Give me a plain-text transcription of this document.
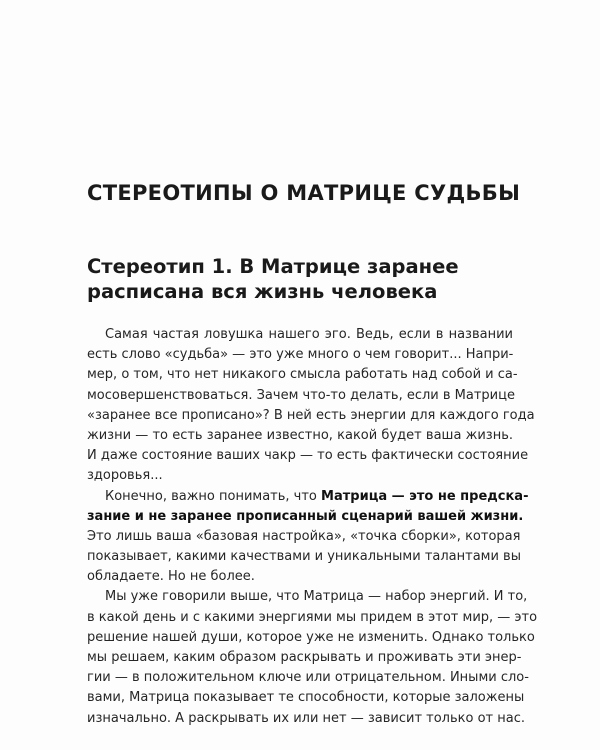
СТЕРЕОТИПЫ О МАТРИЦЕ СУДЬБЫ
Стереотип 1. В Матрице заранее
расписана вся жизнь человека
Самая частая ловушка нашего эго. Ведь, если в названии
есть слово «судьба» — это уже много о чем говорит... Напри-
мер, о том, что нет никакого смысла работать над собой и са-
мосовершенствоваться. Зачем что-то делать, если в Матрице
«заранее все прописано»? В ней есть энергии для каждого года
жизни — то есть заранее известно, какой будет ваша жизнь.
И даже состояние ваших чакр — то есть фактически состояние
здоровья...
Конечно, важно понимать, что Матрица — это не предска-
зание и не заранее прописанный сценарий вашей жизни.
Это лишь ваша «базовая настройка», «точка сборки», которая
показывает, какими качествами и уникальными талантами вы
обладаете. Но не более.
Мы уже говорили выше, что Матрица — набор энергий. И то,
в какой день и с какими энергиями мы придем в этот мир, — это
решение нашей души, которое уже не изменить. Однако только
мы решаем, каким образом раскрывать и проживать эти энер-
гии — в положительном ключе или отрицательном. Иными сло-
вами, Матрица показывает те способности, которые заложены
изначально. А раскрывать их или нет — зависит только от нас.
